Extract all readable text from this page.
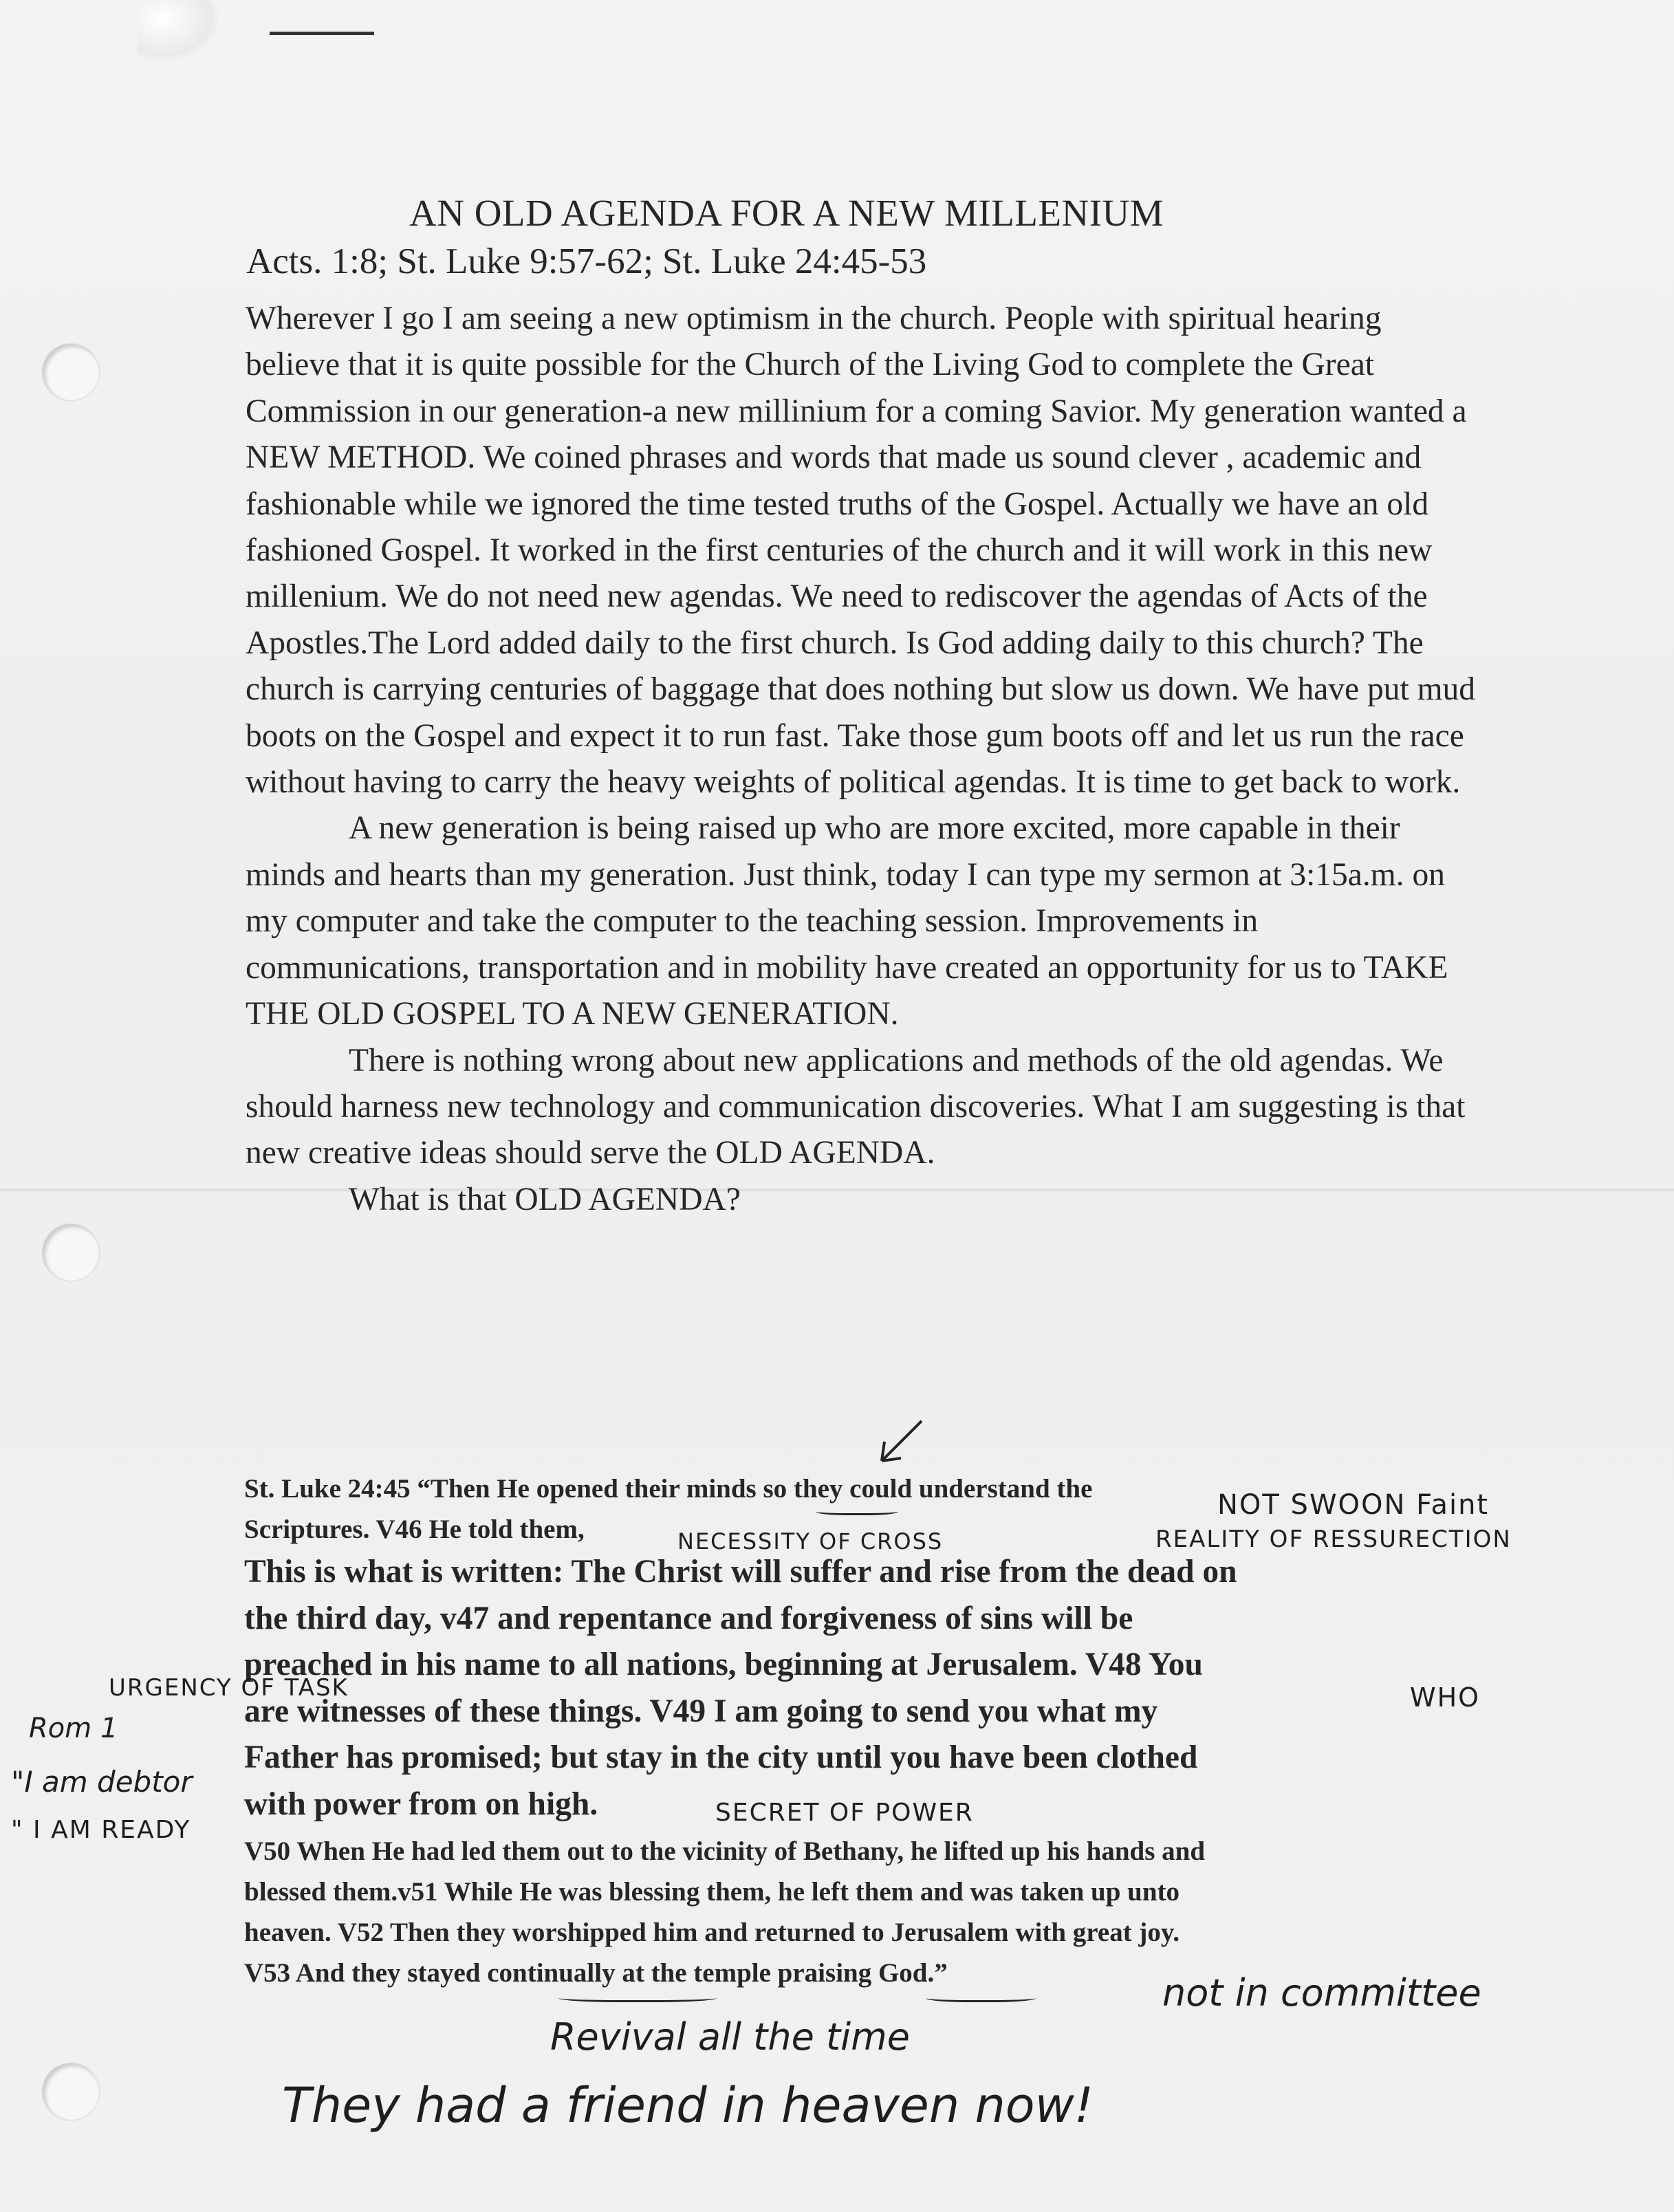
AN OLD AGENDA FOR A NEW MILLENIUM
Acts. 1:8; St. Luke 9:57-62; St. Luke 24:45-53

Wherever I go I am seeing a new optimism in the church. People with spiritual hearing believe that it is quite possible for the Church of the Living God to complete the Great Commission in our generation-a new millinium for a coming Savior. My generation wanted a NEW METHOD. We coined phrases and words that made us sound clever , academic and fashionable while we ignored the time tested truths of the Gospel. Actually we have an old fashioned Gospel. It worked in the first centuries of the church and it will work in this new millenium. We do not need new agendas. We need to rediscover the agendas of Acts of the Apostles.The Lord added daily to the first church. Is God adding daily to this church? The church is carrying centuries of baggage that does nothing but slow us down. We have put mud boots on the Gospel and expect it to run fast. Take those gum boots off and let us run the race without having to carry the heavy weights of political agendas. It is time to get back to work.

A new generation is being raised up who are more excited, more capable in their minds and hearts than my generation. Just think, today I can type my sermon at 3:15a.m. on my computer and take the computer to the teaching session. Improvements in communications, transportation and in mobility have created an opportunity for us to TAKE THE OLD GOSPEL TO A NEW GENERATION.

There is nothing wrong about new applications and methods of the old agendas. We should harness new technology and communication discoveries. What I am suggesting is that new creative ideas should serve the OLD AGENDA.

What is that OLD AGENDA?

St. Luke 24:45 “Then He opened their minds so they could understand the
Scriptures. V46 He told them,
This is what is written: The Christ will suffer and rise from the dead on
the third day, v47 and repentance and forgiveness of sins will be
preached in his name to all nations, beginning at Jerusalem. V48 You
are witnesses of these things. V49 I am going to send you what my
Father has promised; but stay in the city until you have been clothed
with power from on high.
V50 When He had led them out to the vicinity of Bethany, he lifted up his hands and
blessed them.v51 While He was blessing them, he left them and was taken up unto
heaven. V52 Then they worshipped him and returned to Jerusalem with great joy.
V53 And they stayed continually at the temple praising God.”
NECESSITY OF CROSS
NOT SWOON Faint
REALITY OF RESSURECTION
URGENCY OF TASK	WHO
Rom 1
"I am debtor
" I AM READY
SECRET OF POWER
not in committee
Revival all the time
They had a friend in heaven now!
